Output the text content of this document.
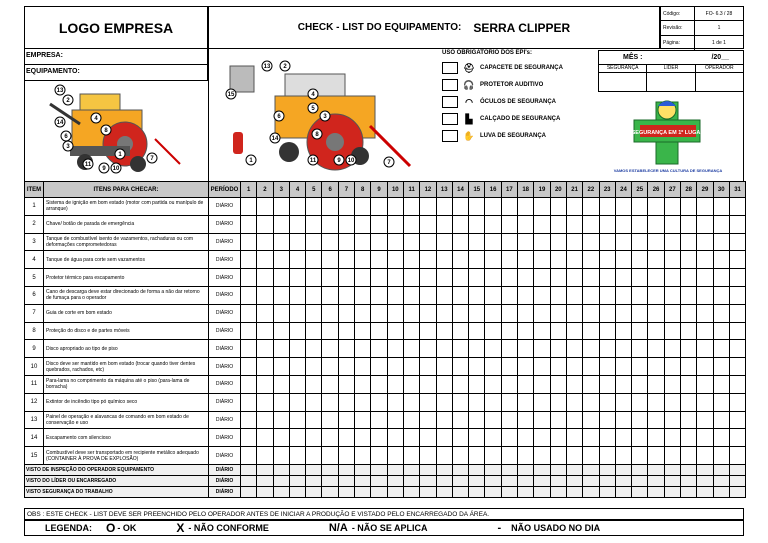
LOGO EMPRESA	CHECK - LIST DO EQUIPAMENTO: SERRA CLIPPER
Código:	FO- 6.3 / 28
Revisão:	1
Página:	1 de 1
EMPRESA:
EQUIPAMENTO:
13
2
14
6
3
4
8
1
11
9 10
7
13 2
15	4
5
3
6
14
8
1	11	9 10	7
USO OBRIGATÓRIO DOS EPI's:
⛑ CAPACETE DE SEGURANÇA
🎧 PROTETOR AUDITIVO
◠	ÓCULOS DE SEGURANÇA
▙	CALÇADO DE SEGURANÇA
✋ LUVA DE SEGURANÇA
MÊS :	/20__
SEGURANÇA	LÍDER	OPERADOR
SEGURANÇA EM 1º LUGAR
VAMOS ESTABELECER UMA CULTURA DE SEGURANÇA
ITEM	ITENS PARA CHECAR:	PERÍODO	1	2	3	4	5	6	7	8	9	10	11	12	13	14	15	16	17	18	19	20	21	22	23	24	25	26	27	28	29	30	31
1	Sistema de ignição em bom estado (motor com partida ou manípulo de arranque)	DIÁRIO																															
2	Chave/ botão de parada de emergência	DIÁRIO																															
3	Tanque de combustível isento de vazamentos, rachaduras ou com deformações comprometedoras	DIÁRIO																															
4	Tanque de água para corte sem vazamentos	DIÁRIO																															
5	Protetor térmico para escapamento	DIÁRIO																															
6	Cano de descarga deve estar direcionado de forma a não dar retorno de fumaça para o operador	DIÁRIO																															
7	Guia de corte em bom estado	DIÁRIO																															
8	Proteção do disco e de partes móveis	DIÁRIO																															
9	Disco apropriado ao tipo de piso	DIÁRIO																															
10	Disco deve ser mantido em bom estado (trocar quando tiver dentes quebrados, rachados, etc)	DIÁRIO																															
11	Para-lama no comprimento da máquina até o piso (para-lama de borracha)	DIÁRIO																															
12	Extintor de incêndio tipo pó químico seco	DIÁRIO																															
13	Painel de operação e alavancas de comando em bom estado de conservação e uso	DIÁRIO																															
14	Escapamento com silencioso	DIÁRIO																															
15	Combustível deve ser transportado em recipiente metálico adequado (CONTAINER À PROVA DE EXPLOSÃO)	DIÁRIO																															
VISTO DE INSPEÇÃO DO OPERADOR EQUIPAMENTO		DIÁRIO																															
VISTO DO LÍDER OU ENCARREGADO		DIÁRIO																															
VISTO SEGURANÇA DO TRABALHO		DIÁRIO																															
OBS : ESTE CHECK - LIST DEVE SER PREENCHIDO PELO OPERADOR ANTES DE INICIAR A PRODUÇÃO E VISTADO PELO ENCARREGADO DA ÁREA.
LEGENDA: O - OK	X - NÃO CONFORME	N/A - NÃO SE APLICA	- NÃO USADO NO DIA
